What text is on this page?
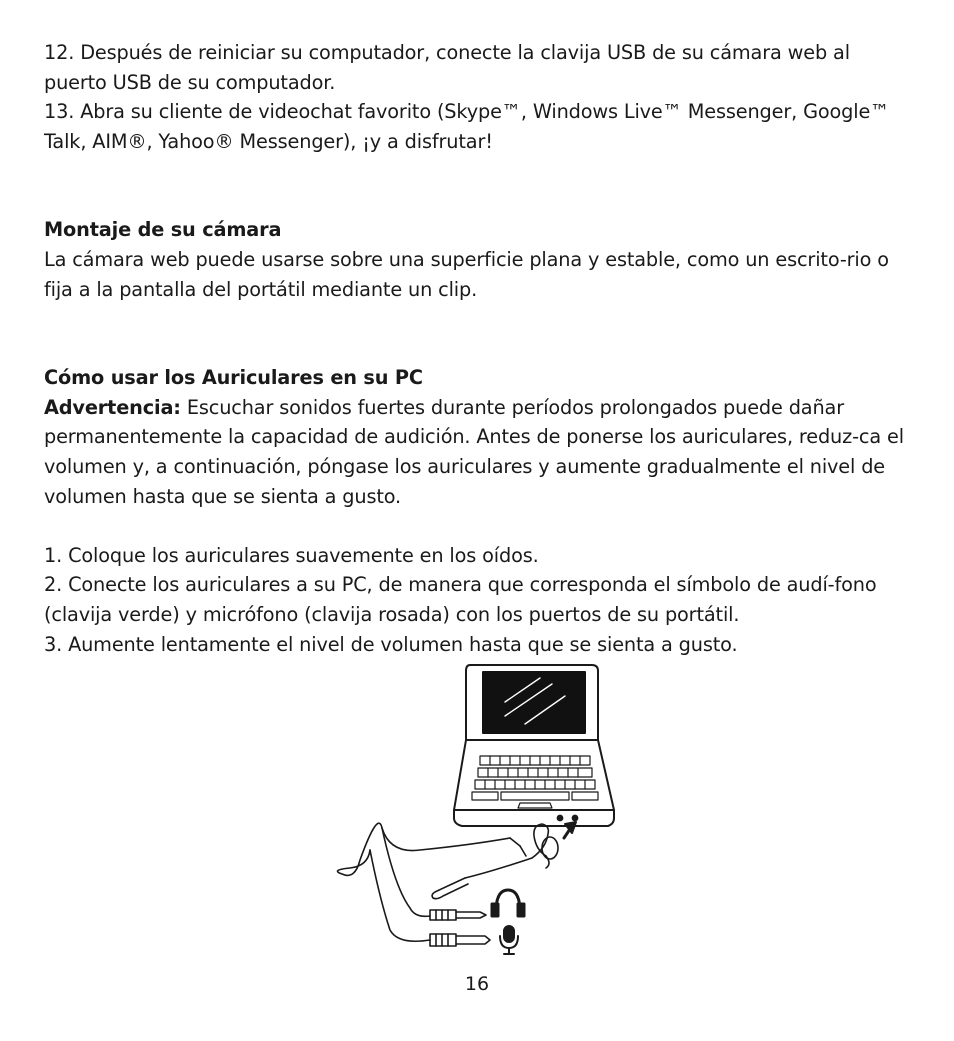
12. Después de reiniciar su computador, conecte la clavija USB de su cámara web al puerto USB de su computador.

13. Abra su cliente de videochat favorito (Skype™, Windows Live™ Messenger, Google™ Talk, AIM®, Yahoo® Messenger), ¡y a disfrutar!

Montaje de su cámara

La cámara web puede usarse sobre una superficie plana y estable, como un escrito-rio o fija a la pantalla del portátil mediante un clip.

Cómo usar los Auriculares en su PC

Advertencia: Escuchar sonidos fuertes durante períodos prolongados puede dañar permanentemente la capacidad de audición. Antes de ponerse los auriculares, reduz-ca el volumen y, a continuación, póngase los auriculares y aumente gradualmente el nivel de volumen hasta que se sienta a gusto.

1. Coloque los auriculares suavemente en los oídos.

2. Conecte los auriculares a su PC, de manera que corresponda el símbolo de audí-fono (clavija verde) y micrófono (clavija rosada) con los puertos de su portátil.

3. Aumente lentamente el nivel de volumen hasta que se sienta a gusto.

16
